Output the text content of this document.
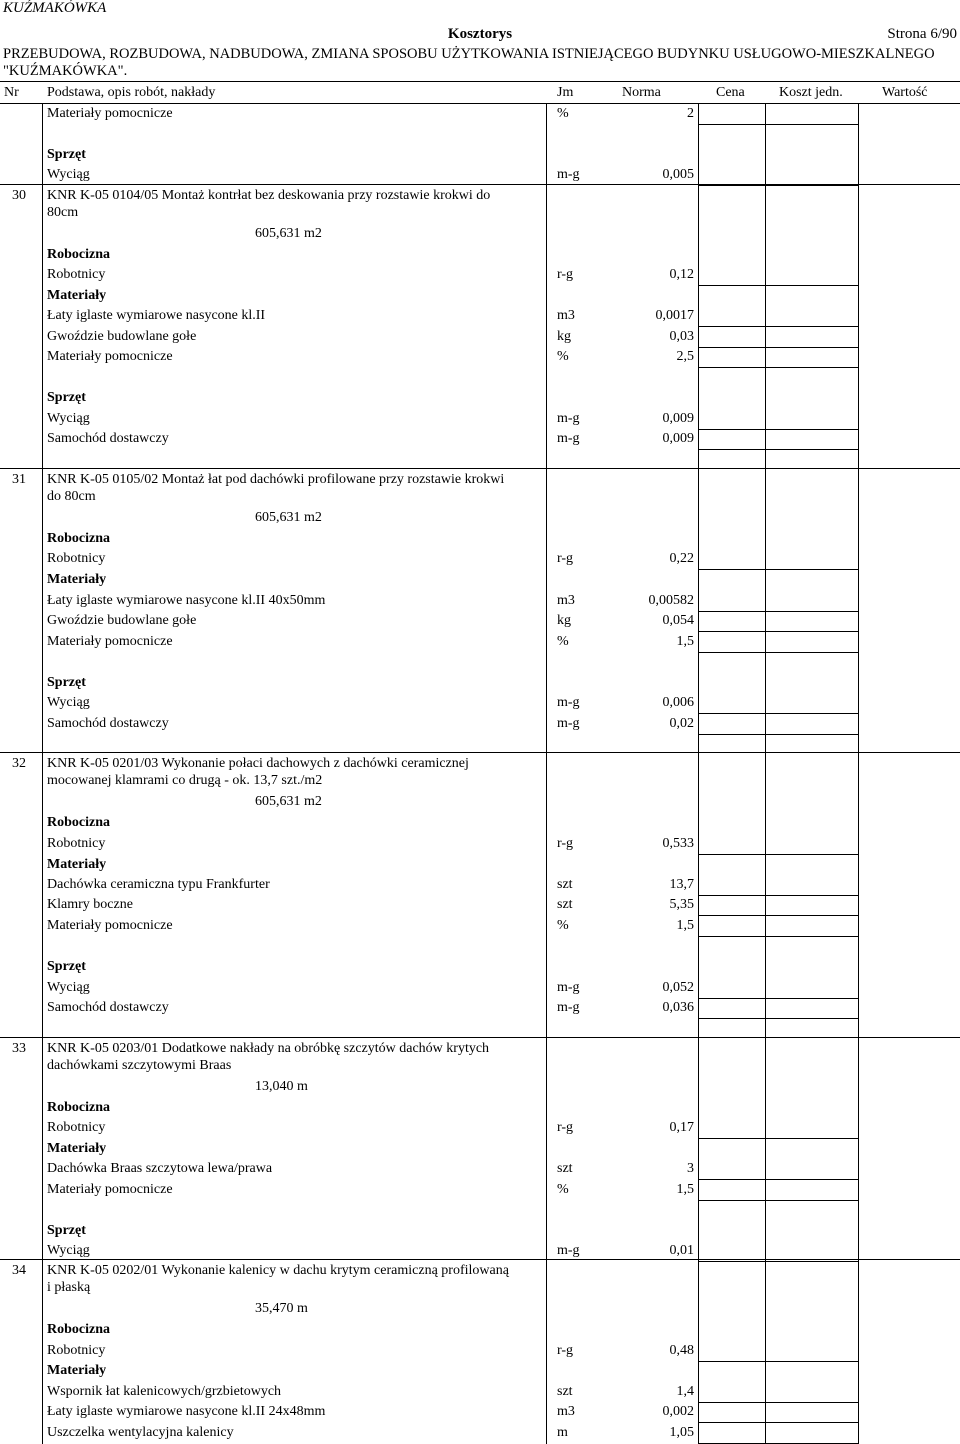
KUŹMAKÓWKA
Kosztorys	Strona 6/90
PRZEBUDOWA, ROZBUDOWA, NADBUDOWA, ZMIANA SPOSOBU UŻYTKOWANIA ISTNIEJĄCEGO BUDYNKU USŁUGOWO-MIESZKALNEGO
"KUŹMAKÓWKA".
Nr Podstawa, opis robót, nakłady	Jm	Norma	Cena Koszt jedn.	Wartość
Materiały pomocnicze	%	2
Sprzęt
Wyciąg	m-g	0,005
30 KNR K-05 0104/05 Montaż kontrłat bez deskowania przy rozstawie krokwi do
80cm
605,631 m2
Robocizna
Robotnicy	r-g	0,12
Materiały
Łaty iglaste wymiarowe nasycone kl.II	m3	0,0017
Gwoździe budowlane gołe	kg	0,03
Materiały pomocnicze	%	2,5
Sprzęt
Wyciąg	m-g	0,009
Samochód dostawczy	m-g	0,009
31 KNR K-05 0105/02 Montaż łat pod dachówki profilowane przy rozstawie krokwi
do 80cm
605,631 m2
Robocizna
Robotnicy	r-g	0,22
Materiały
Łaty iglaste wymiarowe nasycone kl.II 40x50mm	m3	0,00582
Gwoździe budowlane gołe	kg	0,054
Materiały pomocnicze	%	1,5
Sprzęt
Wyciąg	m-g	0,006
Samochód dostawczy	m-g	0,02
32 KNR K-05 0201/03 Wykonanie połaci dachowych z dachówki ceramicznej
mocowanej klamrami co drugą - ok. 13,7 szt./m2
605,631 m2
Robocizna
Robotnicy	r-g	0,533
Materiały
Dachówka ceramiczna typu Frankfurter	szt	13,7
Klamry boczne	szt	5,35
Materiały pomocnicze	%	1,5
Sprzęt
Wyciąg	m-g	0,052
Samochód dostawczy	m-g	0,036
33 KNR K-05 0203/01 Dodatkowe nakłady na obróbkę szczytów dachów krytych
dachówkami szczytowymi Braas
13,040 m
Robocizna
Robotnicy	r-g	0,17
Materiały
Dachówka Braas szczytowa lewa/prawa	szt	3
Materiały pomocnicze	%	1,5
Sprzęt
Wyciąg	m-g	0,01
34 KNR K-05 0202/01 Wykonanie kalenicy w dachu krytym ceramiczną profilowaną
i płaską
35,470 m
Robocizna
Robotnicy	r-g	0,48
Materiały
Wspornik łat kalenicowych/grzbietowych	szt	1,4
Łaty iglaste wymiarowe nasycone kl.II 24x48mm	m3	0,002
Uszczelka wentylacyjna kalenicy	m	1,05
